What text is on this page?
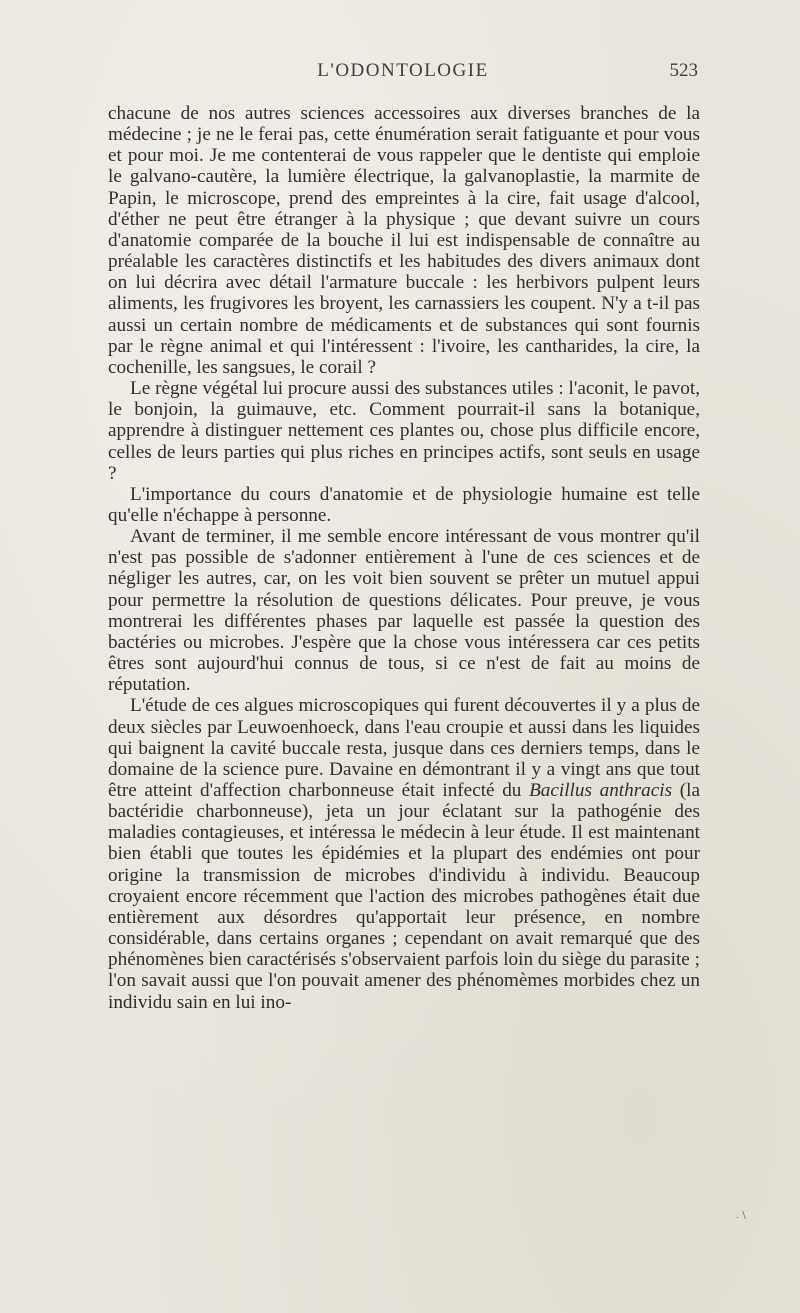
L'ODONTOLOGIE	523

chacune de nos autres sciences accessoires aux diverses branches de la médecine ; je ne le ferai pas, cette énumération serait fatiguante et pour vous et pour moi. Je me contenterai de vous rappeler que le dentiste qui emploie le galvano-cautère, la lumière électrique, la galvanoplastie, la marmite de Papin, le microscope, prend des empreintes à la cire, fait usage d'alcool, d'éther ne peut être étranger à la physique ; que devant suivre un cours d'anatomie comparée de la bouche il lui est indispensable de connaître au préalable les caractères distinctifs et les habitudes des divers animaux dont on lui décrira avec détail l'armature buccale : les herbivors pulpent leurs aliments, les frugivores les broyent, les carnassiers les coupent. N'y a t-il pas aussi un certain nombre de médicaments et de substances qui sont fournis par le règne animal et qui l'intéressent : l'ivoire, les cantharides, la cire, la cochenille, les sangsues, le corail ?

Le règne végétal lui procure aussi des substances utiles : l'aconit, le pavot, le bonjoin, la guimauve, etc. Comment pourrait-il sans la botanique, apprendre à distinguer nettement ces plantes ou, chose plus difficile encore, celles de leurs parties qui plus riches en principes actifs, sont seuls en usage ?

L'importance du cours d'anatomie et de physiologie humaine est telle qu'elle n'échappe à personne.

Avant de terminer, il me semble encore intéressant de vous montrer qu'il n'est pas possible de s'adonner entièrement à l'une de ces sciences et de négliger les autres, car, on les voit bien souvent se prêter un mutuel appui pour permettre la résolution de questions délicates. Pour preuve, je vous montrerai les différentes phases par laquelle est passée la question des bactéries ou microbes. J'espère que la chose vous intéressera car ces petits êtres sont aujourd'hui connus de tous, si ce n'est de fait au moins de réputation.

L'étude de ces algues microscopiques qui furent découvertes il y a plus de deux siècles par Leuwoenhoeck, dans l'eau croupie et aussi dans les liquides qui baignent la cavité buccale resta, jusque dans ces derniers temps, dans le domaine de la science pure. Davaine en démontrant il y a vingt ans que tout être atteint d'affection charbonneuse était infecté du Bacillus anthracis (la bactéridie charbonneuse), jeta un jour éclatant sur la pathogénie des maladies contagieuses, et intéressa le médecin à leur étude. Il est maintenant bien établi que toutes les épidémies et la plupart des endémies ont pour origine la transmission de microbes d'individu à individu. Beaucoup croyaient encore récemment que l'action des microbes pathogènes était due entièrement aux désordres qu'apportait leur présence, en nombre considérable, dans certains organes ; cependant on avait remarqué que des phénomènes bien caractérisés s'observaient parfois loin du siège du parasite ; l'on savait aussi que l'on pouvait amener des phénomèmes morbides chez un individu sain en lui ino-

. \
